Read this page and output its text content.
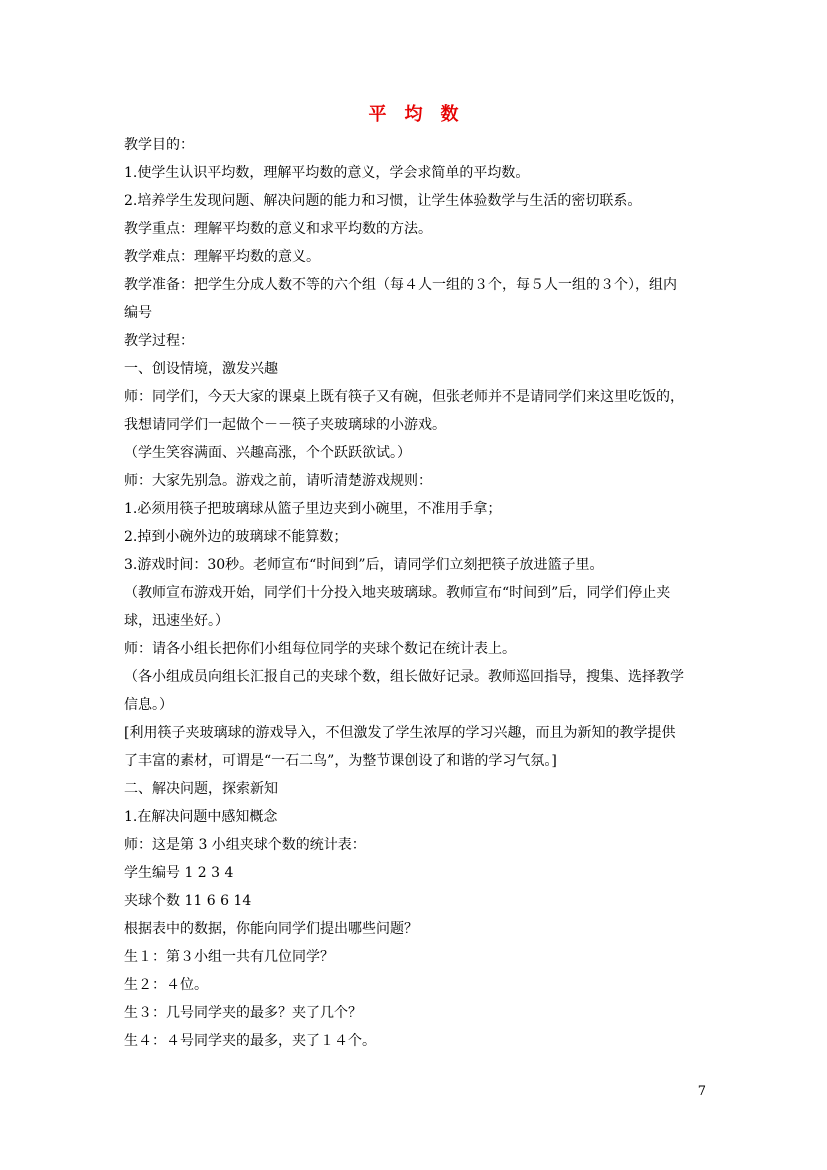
平　均　数
教学目的：
1.使学生认识平均数，理解平均数的意义，学会求简单的平均数。
2.培养学生发现问题、解决问题的能力和习惯，让学生体验数学与生活的密切联系。
教学重点：理解平均数的意义和求平均数的方法。
教学难点：理解平均数的意义。
教学准备：把学生分成人数不等的六个组（每４人一组的３个，每５人一组的３个），组内
编号
教学过程：
一、创设情境，激发兴趣
师：同学们，今天大家的课桌上既有筷子又有碗，但张老师并不是请同学们来这里吃饭的，
我想请同学们一起做个－－筷子夹玻璃球的小游戏。
（学生笑容满面、兴趣高涨，个个跃跃欲试。）
师：大家先别急。游戏之前，请听清楚游戏规则：
1.必须用筷子把玻璃球从篮子里边夹到小碗里，不准用手拿；
2.掉到小碗外边的玻璃球不能算数；
3.游戏时间：30秒。老师宣布“时间到”后，请同学们立刻把筷子放进篮子里。
（教师宣布游戏开始，同学们十分投入地夹玻璃球。教师宣布“时间到”后，同学们停止夹
球，迅速坐好。）
师：请各小组长把你们小组每位同学的夹球个数记在统计表上。
（各小组成员向组长汇报自己的夹球个数，组长做好记录。教师巡回指导，搜集、选择教学
信息。）
[利用筷子夹玻璃球的游戏导入，不但激发了学生浓厚的学习兴趣，而且为新知的教学提供
了丰富的素材，可谓是“一石二鸟”，为整节课创设了和谐的学习气氛。]
二、解决问题，探索新知
1.在解决问题中感知概念
师：这是第 3 小组夹球个数的统计表：
学生编号 1 2 3 4
夹球个数 11 6 6 14
根据表中的数据，你能向同学们提出哪些问题？
生１：第３小组一共有几位同学？
生２：４位。
生３：几号同学夹的最多？夹了几个？
生４：４号同学夹的最多，夹了１４个。
7
